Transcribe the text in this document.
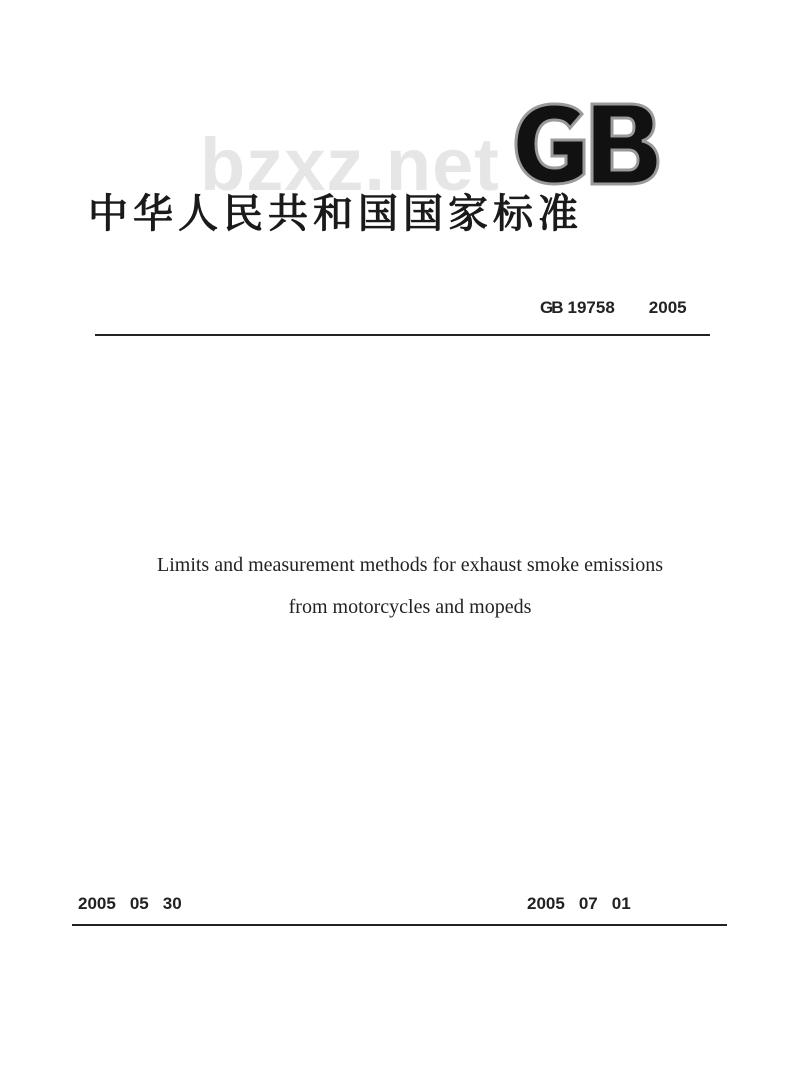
bzxz.net
中华人民共和国国家标准
GB 19758 2005
Limits and measurement methods for exhaust smoke emissions
from motorcycles and mopeds
2005 05 30	2005 07 01
